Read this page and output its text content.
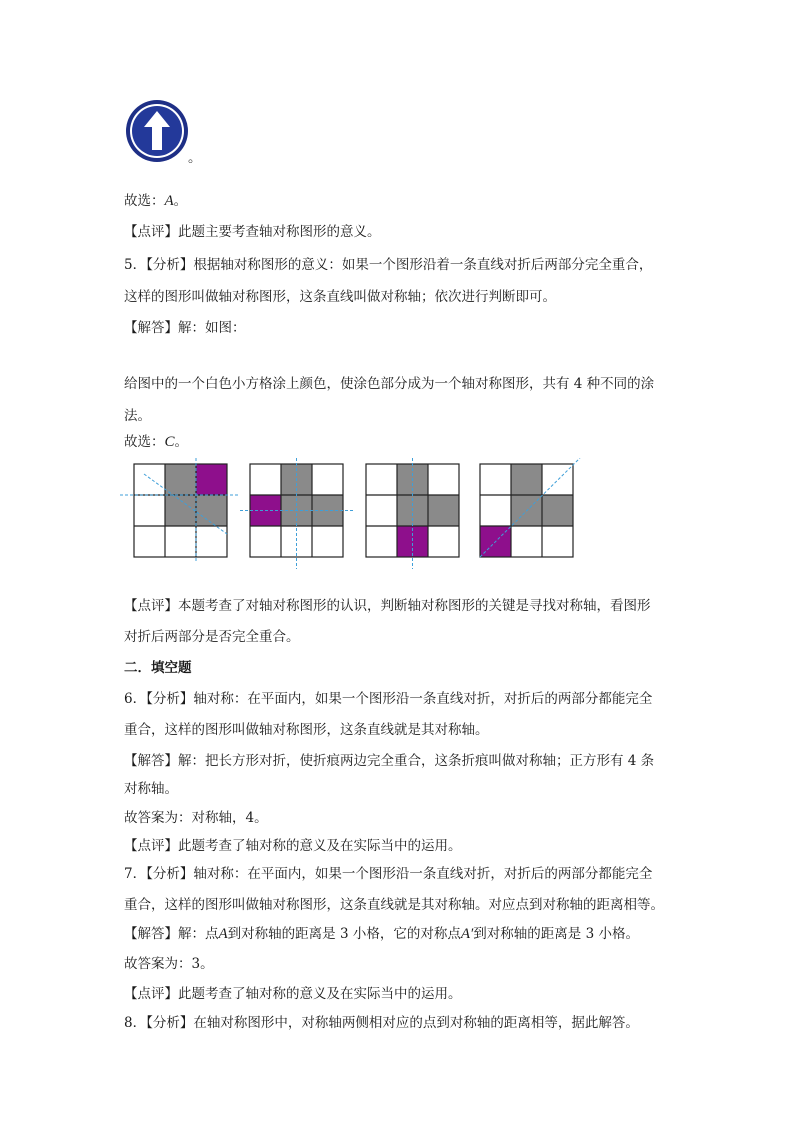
。
故选：A。
【点评】此题主要考查轴对称图形的意义。
5．【分析】根据轴对称图形的意义：如果一个图形沿着一条直线对折后两部分完全重合，
这样的图形叫做轴对称图形，这条直线叫做对称轴；依次进行判断即可。
【解答】解：如图：
给图中的一个白色小方格涂上颜色，使涂色部分成为一个轴对称图形，共有 4 种不同的涂
法。
故选：C。
【点评】本题考查了对轴对称图形的认识，判断轴对称图形的关键是寻找对称轴，看图形
对折后两部分是否完全重合。
二．填空题
6．【分析】轴对称：在平面内，如果一个图形沿一条直线对折，对折后的两部分都能完全
重合，这样的图形叫做轴对称图形，这条直线就是其对称轴。
【解答】解：把长方形对折，使折痕两边完全重合，这条折痕叫做对称轴；正方形有 4 条
对称轴。
故答案为：对称轴，4。
【点评】此题考查了轴对称的意义及在实际当中的运用。
7．【分析】轴对称：在平面内，如果一个图形沿一条直线对折，对折后的两部分都能完全
重合，这样的图形叫做轴对称图形，这条直线就是其对称轴。对应点到对称轴的距离相等。
【解答】解：点A到对称轴的距离是 3 小格，它的对称点A′到对称轴的距离是 3 小格。
故答案为：3。
【点评】此题考查了轴对称的意义及在实际当中的运用。
8．【分析】在轴对称图形中，对称轴两侧相对应的点到对称轴的距离相等，据此解答。
